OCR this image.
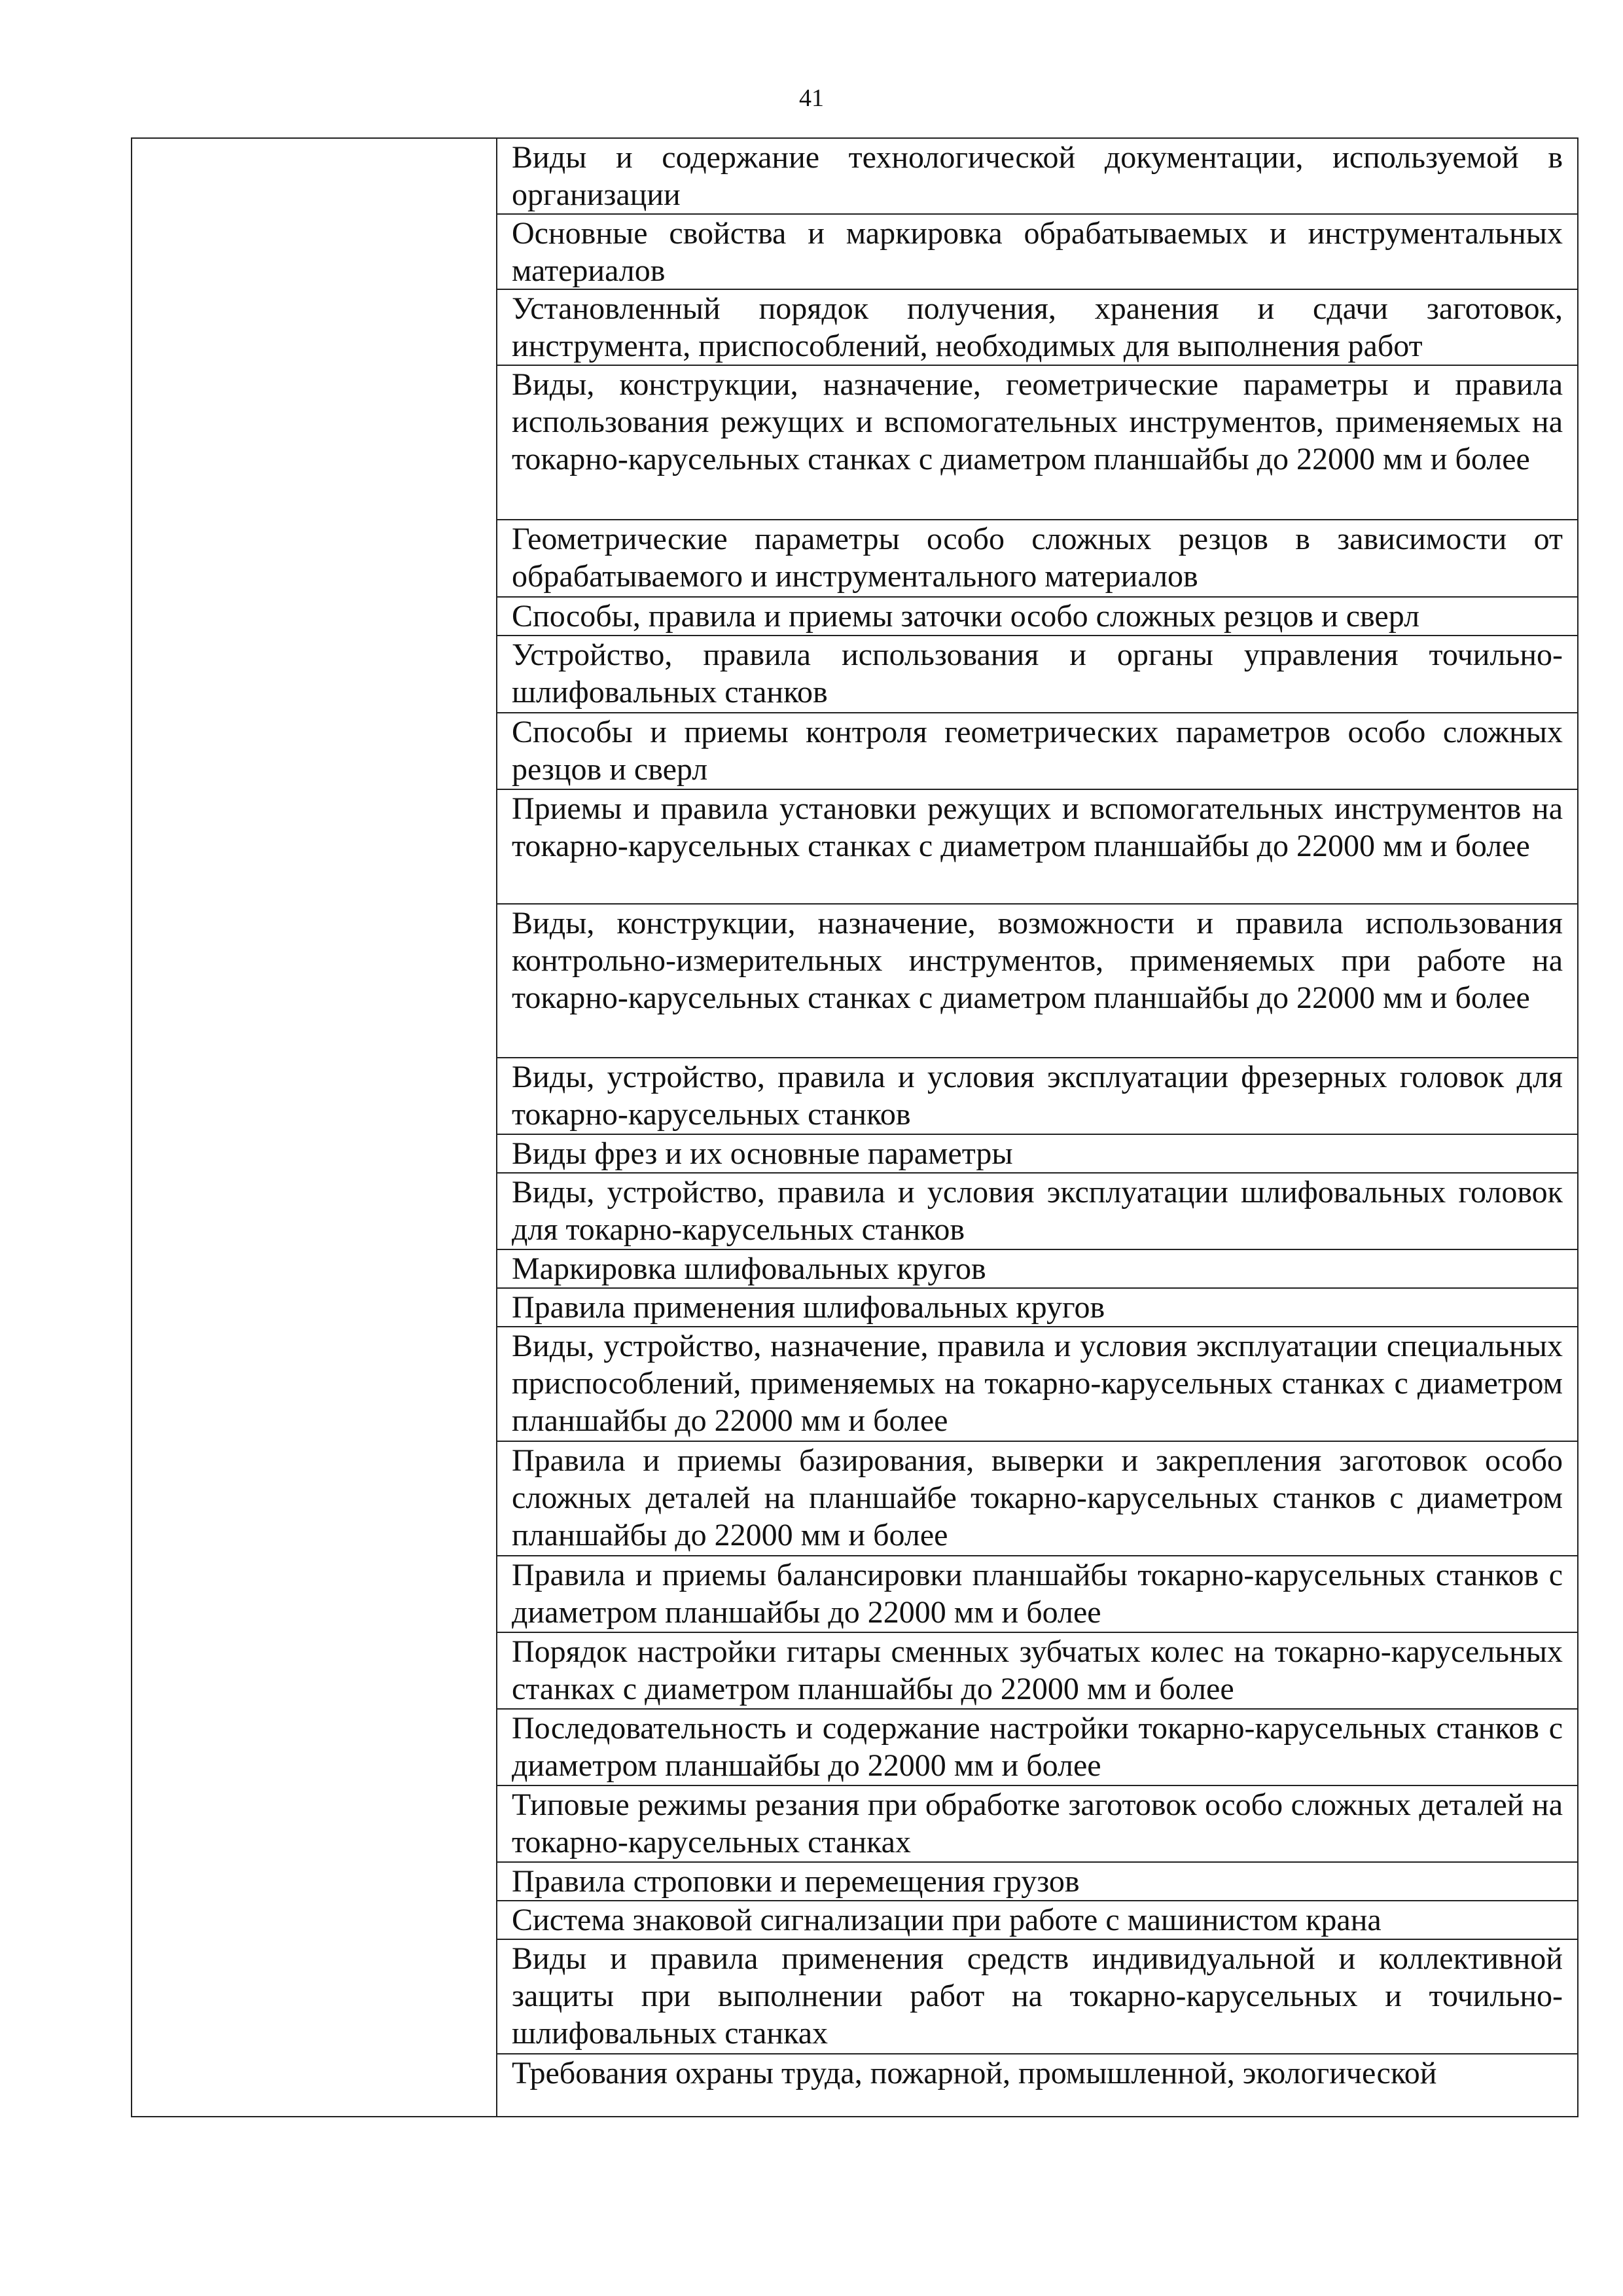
41

Виды и содержание технологической документации, используемой в организации
Основные свойства и маркировка обрабатываемых и инструментальных материалов
Установленный порядок получения, хранения и сдачи заготовок, инструмента, приспособлений, необходимых для выполнения работ
Виды, конструкции, назначение, геометрические параметры и правила использования режущих и вспомогательных инструментов, применяемых на токарно-карусельных станках с диаметром планшайбы до 22000 мм и более
Геометрические параметры особо сложных резцов в зависимости от обрабатываемого и инструментального материалов
Способы, правила и приемы заточки особо сложных резцов и сверл
Устройство, правила использования и органы управления точильно-шлифовальных станков
Способы и приемы контроля геометрических параметров особо сложных резцов и сверл
Приемы и правила установки режущих и вспомогательных инструментов на токарно-карусельных станках с диаметром планшайбы до 22000 мм и более
Виды, конструкции, назначение, возможности и правила использования контрольно-измерительных инструментов, применяемых при работе на токарно-карусельных станках с диаметром планшайбы до 22000 мм и более
Виды, устройство, правила и условия эксплуатации фрезерных головок для токарно-карусельных станков
Виды фрез и их основные параметры
Виды, устройство, правила и условия эксплуатации шлифовальных головок для токарно-карусельных станков
Маркировка шлифовальных кругов
Правила применения шлифовальных кругов
Виды, устройство, назначение, правила и условия эксплуатации специальных приспособлений, применяемых на токарно-карусельных станках с диаметром планшайбы до 22000 мм и более
Правила и приемы базирования, выверки и закрепления заготовок особо сложных деталей на планшайбе токарно-карусельных станков с диаметром планшайбы до 22000 мм и более
Правила и приемы балансировки планшайбы токарно-карусельных станков с диаметром планшайбы до 22000 мм и более
Порядок настройки гитары сменных зубчатых колес на токарно-карусельных станках с диаметром планшайбы до 22000 мм и более
Последовательность и содержание настройки токарно-карусельных станков с диаметром планшайбы до 22000 мм и более
Типовые режимы резания при обработке заготовок особо сложных деталей на токарно-карусельных станках
Правила строповки и перемещения грузов
Система знаковой сигнализации при работе с машинистом крана
Виды и правила применения средств индивидуальной и коллективной защиты при выполнении работ на токарно-карусельных и точильно-шлифовальных станках
Требования охраны труда, пожарной, промышленной, экологической
